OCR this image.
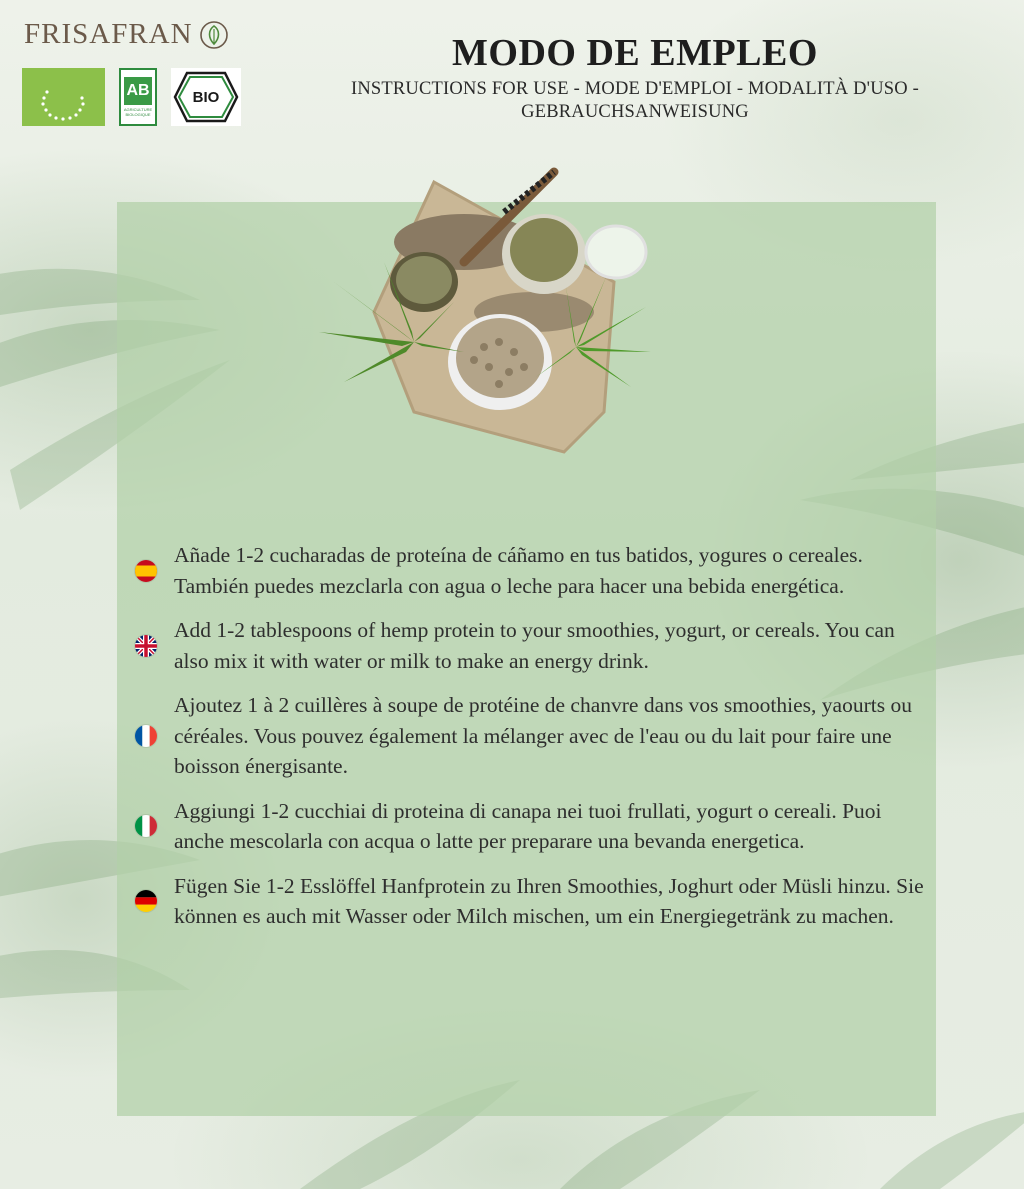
FRISAFRAN
AB
AGRICULTURE BIOLOGIQUE
BIO
MODO DE EMPLEO

INSTRUCTIONS FOR USE - MODE D'EMPLOI - MODALITÀ D'USO -

GEBRAUCHSANWEISUNG

Añade 1-2 cucharadas de proteína de cáñamo en tus batidos, yogures o cereales. También puedes mezclarla con agua o leche para hacer una bebida energética.

Add 1-2 tablespoons of hemp protein to your smoothies, yogurt, or cereals. You can also mix it with water or milk to make an energy drink.

Ajoutez 1 à 2 cuillères à soupe de protéine de chanvre dans vos smoothies, yaourts ou céréales. Vous pouvez également la mélanger avec de l'eau ou du lait pour faire une boisson énergisante.

Aggiungi 1-2 cucchiai di proteina di canapa nei tuoi frullati, yogurt o cereali. Puoi anche mescolarla con acqua o latte per preparare una bevanda energetica.

Fügen Sie 1-2 Esslöffel Hanfprotein zu Ihren Smoothies, Joghurt oder Müsli hinzu. Sie können es auch mit Wasser oder Milch mischen, um ein Energiegetränk zu machen.
